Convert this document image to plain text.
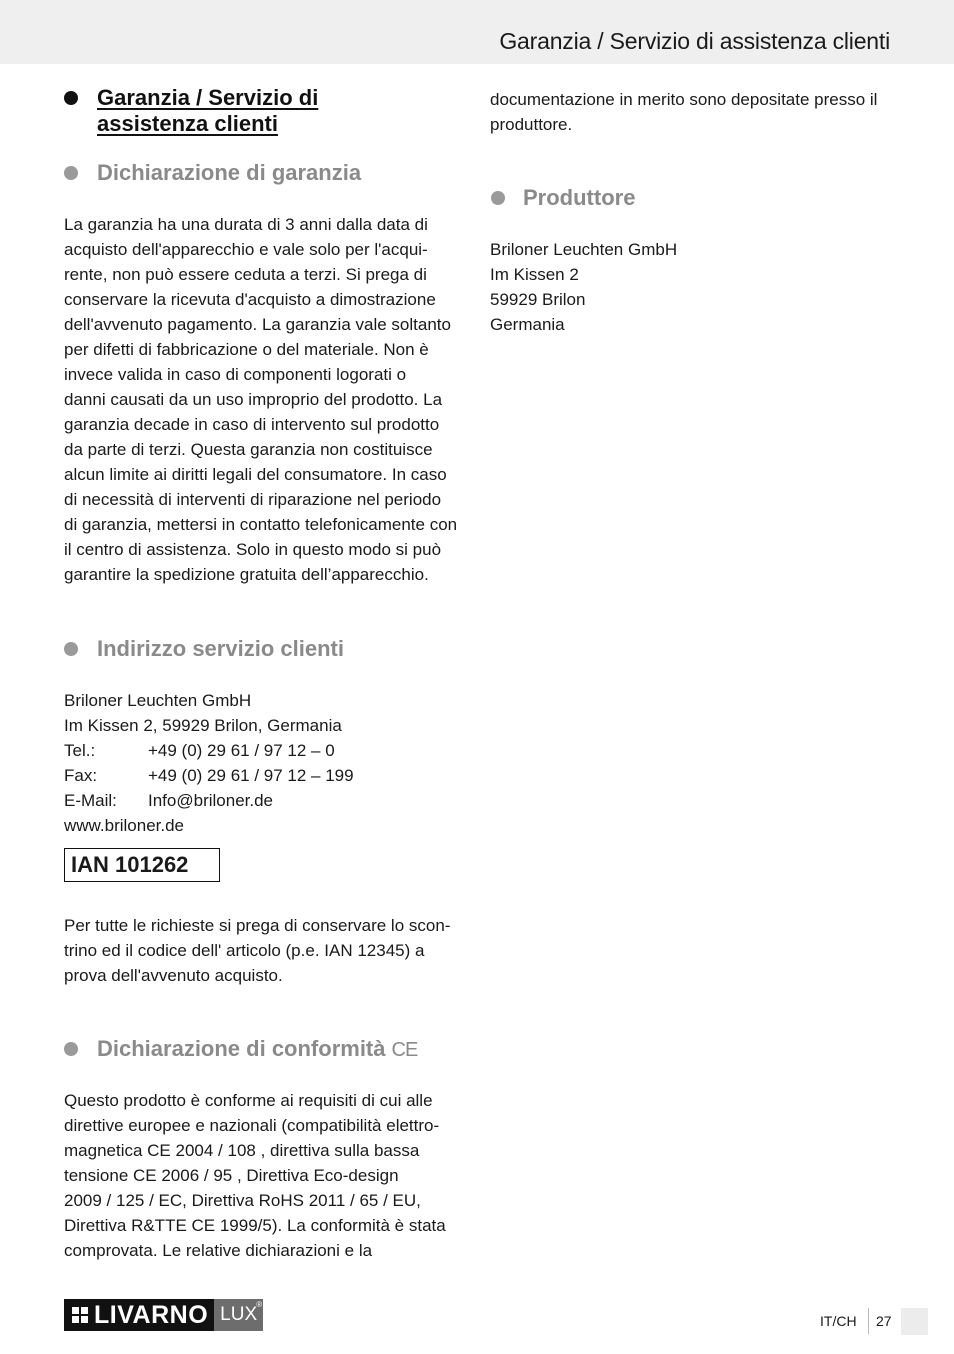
Garanzia / Servizio di assistenza clienti
Garanzia / Servizio di
assistenza clienti
Dichiarazione di garanzia
La garanzia ha una durata di 3 anni dalla data di
acquisto dell'apparecchio e vale solo per l'acqui-
rente, non può essere ceduta a terzi. Si prega di
conservare la ricevuta d'acquisto a dimostrazione
dell'avvenuto pagamento. La garanzia vale soltanto
per difetti di fabbricazione o del materiale. Non è
invece valida in caso di componenti logorati o
danni causati da un uso improprio del prodotto. La
garanzia decade in caso di intervento sul prodotto
da parte di terzi. Questa garanzia non costituisce
alcun limite ai diritti legali del consumatore. In caso
di necessità di interventi di riparazione nel periodo
di garanzia, mettersi in contatto telefonicamente con
il centro di assistenza. Solo in questo modo si può
garantire la spedizione gratuita dell’apparecchio.
Indirizzo servizio clienti
Briloner Leuchten GmbH
Im Kissen 2, 59929 Brilon, Germania
Tel.:	+49 (0) 29 61 / 97 12 – 0
Fax:	+49 (0) 29 61 / 97 12 – 199
E-Mail:	Info@briloner.de
www.briloner.de
IAN 101262
Per tutte le richieste si prega di conservare lo scon-
trino ed il codice dell' articolo (p.e. IAN 12345) a
prova dell'avvenuto acquisto.
Dichiarazione di conformità CE
Questo prodotto è conforme ai requisiti di cui alle
direttive europee e nazionali (compatibilità elettro-
magnetica CE 2004 / 108 , direttiva sulla bassa
tensione CE 2006 / 95 , Direttiva Eco-design
2009 / 125 / EC, Direttiva RoHS 2011 / 65 / EU,
Direttiva R&TTE CE 1999/5). La conformità è stata
comprovata. Le relative dichiarazioni e la
documentazione in merito sono depositate presso il
produttore.
Produttore
Briloner Leuchten GmbH
Im Kissen 2
59929 Brilon
Germania
LIVARNO LUX®
IT/CH 27
